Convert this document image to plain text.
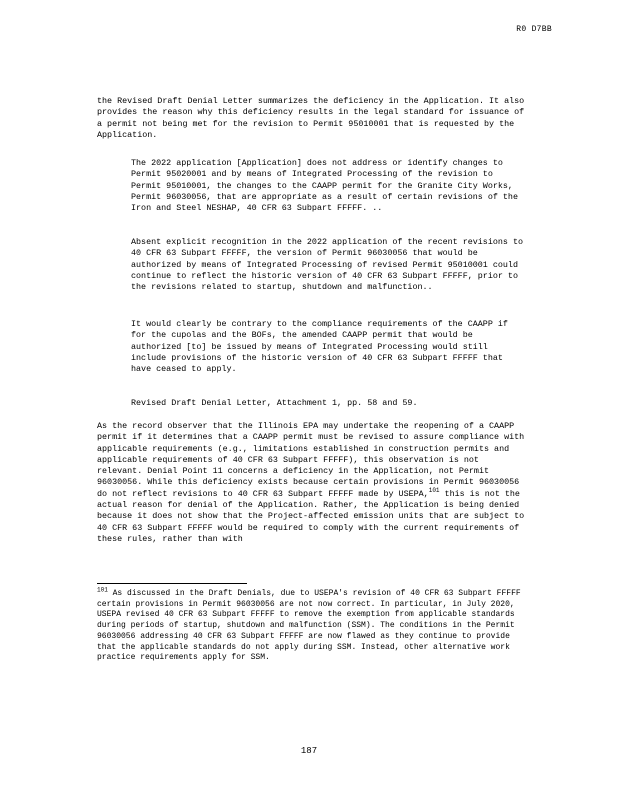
R0 D7BB

the Revised Draft Denial Letter summarizes the deficiency in the Application. It also provides the reason why this deficiency results in the legal standard for issuance of a permit not being met for the revision to Permit 95010001 that is requested by the Application.

The 2022 application [Application] does not address or identify changes to Permit 95020001 and by means of Integrated Processing of the revision to Permit 95010001, the changes to the CAAPP permit for the Granite City Works, Permit 96030056, that are appropriate as a result of certain revisions of the Iron and Steel NESHAP, 40 CFR 63 Subpart FFFFF. ..

Absent explicit recognition in the 2022 application of the recent revisions to 40 CFR 63 Subpart FFFFF, the version of Permit 96030056 that would be authorized by means of Integrated Processing of revised Permit 95010001 could continue to reflect the historic version of 40 CFR 63 Subpart FFFFF, prior to the revisions related to startup, shutdown and malfunction..

It would clearly be contrary to the compliance requirements of the CAAPP if for the cupolas and the BOFs, the amended CAAPP permit that would be authorized [to] be issued by means of Integrated Processing would still include provisions of the historic version of 40 CFR 63 Subpart FFFFF that have ceased to apply.

Revised Draft Denial Letter, Attachment 1, pp. 58 and 59.

As the record observer that the Illinois EPA may undertake the reopening of a CAAPP permit if it determines that a CAAPP permit must be revised to assure compliance with applicable requirements (e.g., limitations established in construction permits and applicable requirements of 40 CFR 63 Subpart FFFFF), this observation is not relevant. Denial Point 11 concerns a deficiency in the Application, not Permit 96030056. While this deficiency exists because certain provisions in Permit 96030056 do not reflect revisions to 40 CFR 63 Subpart FFFFF made by USEPA,$^{101}$ this is not the actual reason for denial of the Application. Rather, the Application is being denied because it does not show that the Project-affected emission units that are subject to 40 CFR 63 Subpart FFFFF would be required to comply with the current requirements of these rules, rather than with

$^{101}$ As discussed in the Draft Denials, due to USEPA's revision of 40 CFR 63 Subpart FFFFF certain provisions in Permit 96030056 are not now correct. In particular, in July 2020, USEPA revised 40 CFR 63 Subpart FFFFF to remove the exemption from applicable standards during periods of startup, shutdown and malfunction (SSM). The conditions in the Permit 96030056 addressing 40 CFR 63 Subpart FFFFF are now flawed as they continue to provide that the applicable standards do not apply during SSM. Instead, other alternative work practice requirements apply for SSM.

187
